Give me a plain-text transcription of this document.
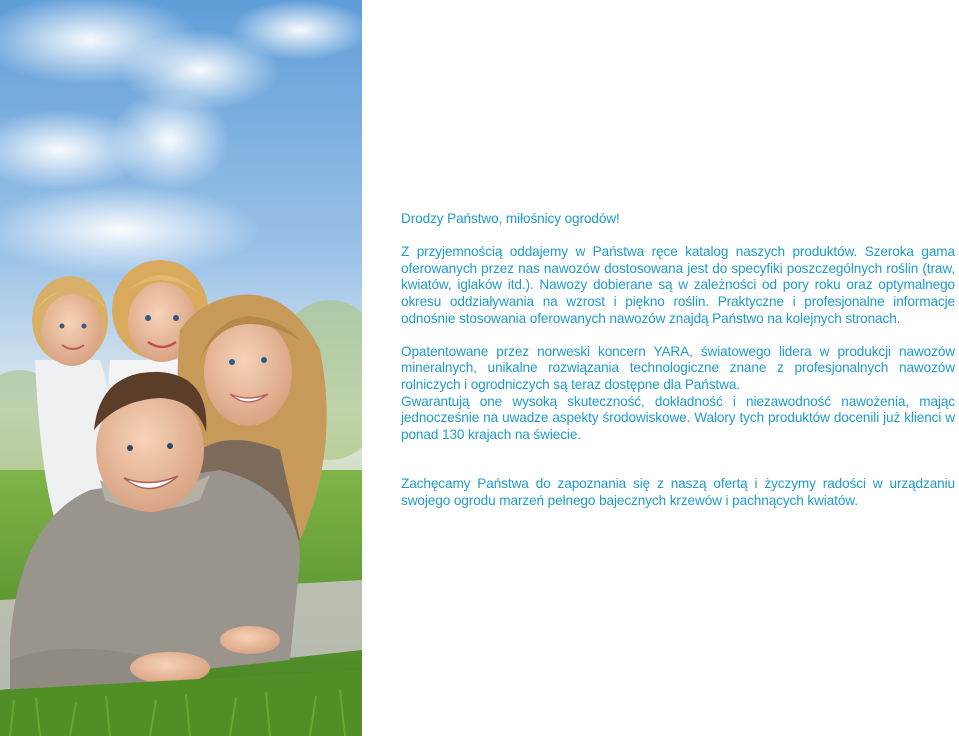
Drodzy Państwo, miłośnicy ogrodów!

Z przyjemnością oddajemy w Państwa ręce katalog naszych produktów. Szeroka gama oferowanych przez nas nawozów dostosowana jest do specyfiki poszczególnych roślin (traw, kwiatów, iglaków itd.). Nawozy dobierane są w zależności od pory roku oraz optymalnego okresu oddziaływania na wzrost i piękno roślin. Praktyczne i profesjonalne informacje odnośnie stosowania oferowanych nawozów znajdą Państwo na kolejnych stronach.

Opatentowane przez norweski koncern YARA, światowego lidera w produkcji nawozów mineralnych, unikalne rozwiązania technologiczne znane z profesjonalnych nawozów rolniczych i ogrodniczych są teraz dostępne dla Państwa.

Gwarantują one wysoką skuteczność, dokładność i niezawodność nawożenia, mając jednocześnie na uwadze aspekty środowiskowe. Walory tych produktów docenili już klienci w ponad 130 krajach na świecie.

Zachęcamy Państwa do zapoznania się z naszą ofertą i życzymy radości w urządzaniu swojego ogrodu marzeń pełnego bajecznych krzewów i pachnących kwiatów.
